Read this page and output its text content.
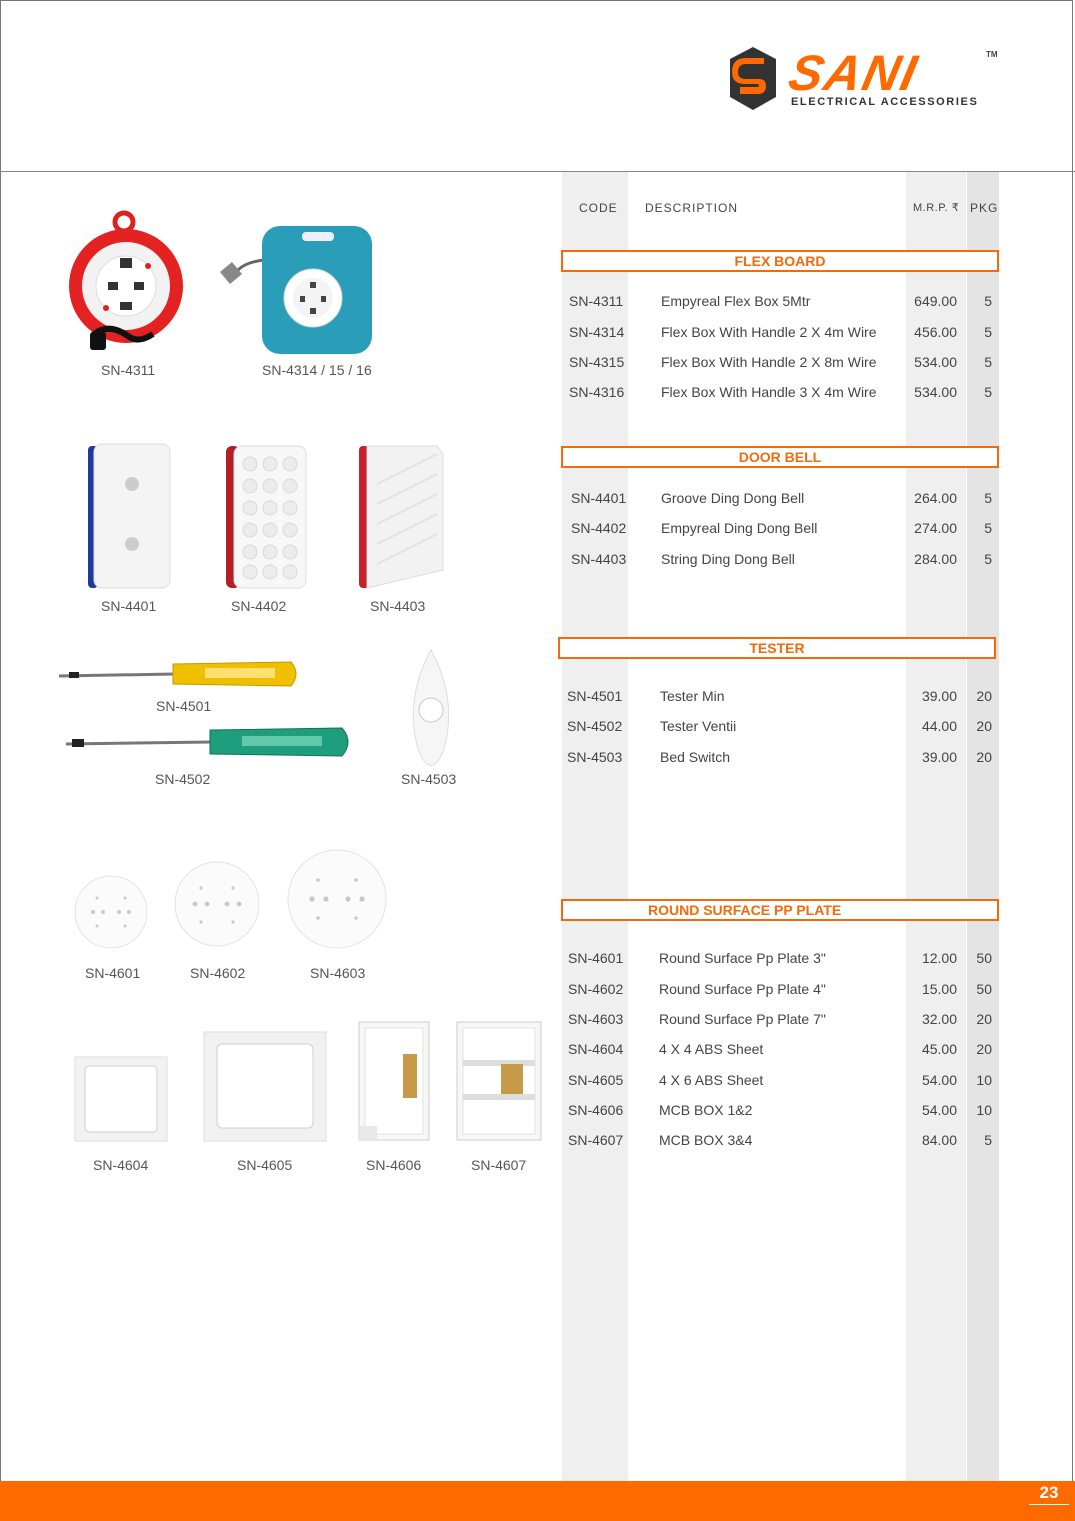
SANI	TM
ELECTRICAL ACCESSORIES
CODE DESCRIPTION	M.R.P. ₹ PKG
FLEX BOARD
SN-4311	Empyreal Flex Box 5Mtr	649.00 5
SN-4314	Flex Box With Handle 2 X 4m Wire	456.00 5
SN-4315	Flex Box With Handle 2 X 8m Wire	534.00 5
SN-4316	Flex Box With Handle 3 X 4m Wire	534.00 5
DOOR BELL
SN-4401 Groove Ding Dong Bell	264.00 5
SN-4402 Empyreal Ding Dong Bell	274.00 5
SN-4403 String Ding Dong Bell	284.00 5
TESTER
SN-4501	Tester Min	39.00 20
SN-4502	Tester Ventii	44.00 20
SN-4503	Bed Switch	39.00 20
ROUND SURFACE PP PLATE
SN-4601	Round Surface Pp Plate 3"	12.00 50
SN-4602	Round Surface Pp Plate 4"	15.00 50
SN-4603	Round Surface Pp Plate 7"	32.00 20
SN-4604	4 X 4 ABS Sheet	45.00 20
SN-4605	4 X 6 ABS Sheet	54.00 10
SN-4606	MCB BOX 1&2	54.00 10
SN-4607	MCB BOX 3&4	84.00 5
SN-4311	SN-4314 / 15 / 16
SN-4401	SN-4402	SN-4403
SN-4501
SN-4502	SN-4503
SN-4601	SN-4602	SN-4603
SN-4604	SN-4605	SN-4606	SN-4607
23
